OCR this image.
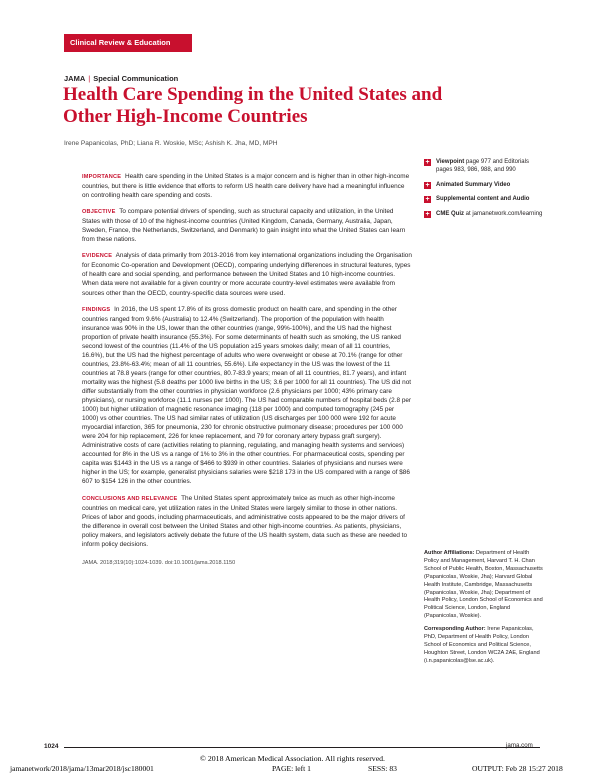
Clinical Review & Education
JAMA | Special Communication
Health Care Spending in the United States and Other High-Income Countries
Irene Papanicolas, PhD; Liana R. Woskie, MSc; Ashish K. Jha, MD, MPH

IMPORTANCE Health care spending in the United States is a major concern and is higher than in other high-income countries, but there is little evidence that efforts to reform US health care delivery have had a meaningful influence on controlling health care spending and costs.

OBJECTIVE To compare potential drivers of spending, such as structural capacity and utilization, in the United States with those of 10 of the highest-income countries (United Kingdom, Canada, Germany, Australia, Japan, Sweden, France, the Netherlands, Switzerland, and Denmark) to gain insight into what the United States can learn from these nations.

EVIDENCE Analysis of data primarily from 2013-2016 from key international organizations including the Organisation for Economic Co-operation and Development (OECD), comparing underlying differences in structural features, types of health care and social spending, and performance between the United States and 10 high-income countries. When data were not available for a given country or more accurate country-level estimates were available from sources other than the OECD, country-specific data sources were used.

FINDINGS In 2016, the US spent 17.8% of its gross domestic product on health care, and spending in the other countries ranged from 9.6% (Australia) to 12.4% (Switzerland). The proportion of the population with health insurance was 90% in the US, lower than the other countries (range, 99%-100%), and the US had the highest proportion of private health insurance (55.3%). For some determinants of health such as smoking, the US ranked second lowest of the countries (11.4% of the US population ≥15 years smokes daily; mean of all 11 countries, 16.6%), but the US had the highest percentage of adults who were overweight or obese at 70.1% (range for other countries, 23.8%-63.4%; mean of all 11 countries, 55.6%). Life expectancy in the US was the lowest of the 11 countries at 78.8 years (range for other countries, 80.7-83.9 years; mean of all 11 countries, 81.7 years), and infant mortality was the highest (5.8 deaths per 1000 live births in the US; 3.6 per 1000 for all 11 countries). The US did not differ substantially from the other countries in physician workforce (2.6 physicians per 1000; 43% primary care physicians), or nursing workforce (11.1 nurses per 1000). The US had comparable numbers of hospital beds (2.8 per 1000) but higher utilization of magnetic resonance imaging (118 per 1000) and computed tomography (245 per 1000) vs other countries. The US had similar rates of utilization (US discharges per 100 000 were 192 for acute myocardial infarction, 365 for pneumonia, 230 for chronic obstructive pulmonary disease; procedures per 100 000 were 204 for hip replacement, 226 for knee replacement, and 79 for coronary artery bypass graft surgery). Administrative costs of care (activities relating to planning, regulating, and managing health systems and services) accounted for 8% in the US vs a range of 1% to 3% in the other countries. For pharmaceutical costs, spending per capita was $1443 in the US vs a range of $466 to $939 in other countries. Salaries of physicians and nurses were higher in the US; for example, generalist physicians salaries were $218 173 in the US compared with a range of $86 607 to $154 126 in the other countries.

CONCLUSIONS AND RELEVANCE The United States spent approximately twice as much as other high-income countries on medical care, yet utilization rates in the United States were largely similar to those in other nations. Prices of labor and goods, including pharmaceuticals, and administrative costs appeared to be the major drivers of the difference in overall cost between the United States and other high-income countries. As patients, physicians, policy makers, and legislators actively debate the future of the US health system, data such as these are needed to inform policy decisions.

JAMA. 2018;319(10):1024-1039. doi:10.1001/jama.2018.1150
+ Viewpoint page 977 and Editorials pages 983, 986, 988, and 990
+ Animated Summary Video
+ Supplemental content and Audio
+ CME Quiz at jamanetwork.com/learning

Author Affiliations: Department of Health Policy and Management, Harvard T. H. Chan School of Public Health, Boston, Massachusetts (Papanicolas, Woskie, Jha); Harvard Global Health Institute, Cambridge, Massachusetts (Papanicolas, Woskie, Jha); Department of Health Policy, London School of Economics and Political Science, London, England (Papanicolas, Woskie).

Corresponding Author: Irene Papanicolas, PhD, Department of Health Policy, London School of Economics and Political Science, Houghton Street, London WC2A 2AE, England (i.n.papanicolas@lse.ac.uk).

1024	jama.com
© 2018 American Medical Association. All rights reserved.
jamanetwork/2018/jama/13mar2018/jsc180001	PAGE: left 1	SESS: 83	OUTPUT: Feb 28 15:27 2018
